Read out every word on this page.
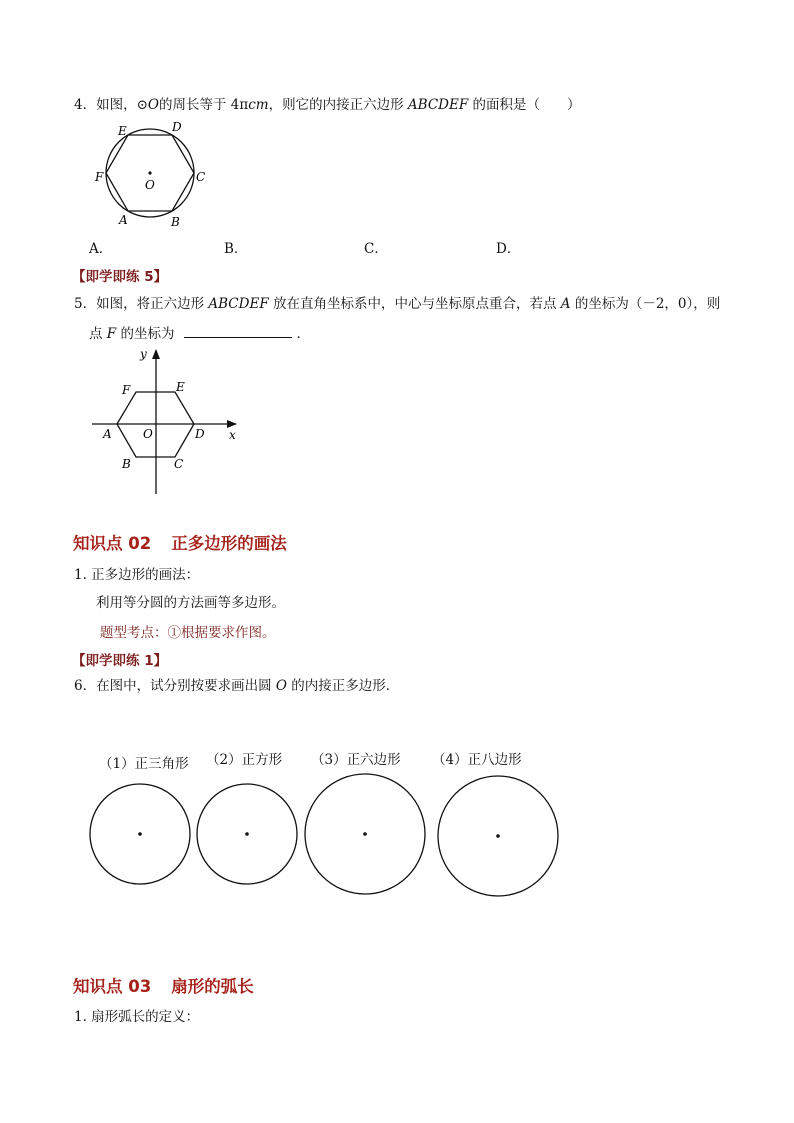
4．如图，⊙O的周长等于 4πcm，则它的内接正六边形 ABCDEF 的面积是（　　）
E	D
F	C
A	B
O
A．	B．	C．	D．
【即学即练 5】
5．如图，将正六边形 ABCDEF 放在直角坐标系中，中心与坐标原点重合，若点 A 的坐标为（－2，0），则
点 F 的坐标为	．
y
x
F	E
A	O	D
B	C
知识点 02 正多边形的画法
1. 正多边形的画法：
利用等分圆的方法画等多边形。
题型考点：①根据要求作图。
【即学即练 1】
6．在图中，试分别按要求画出圆 O 的内接正多边形．
（1）正三角形 （2）正方形 （3）正六边形 （4）正八边形
知识点 03 扇形的弧长
1. 扇形弧长的定义：
